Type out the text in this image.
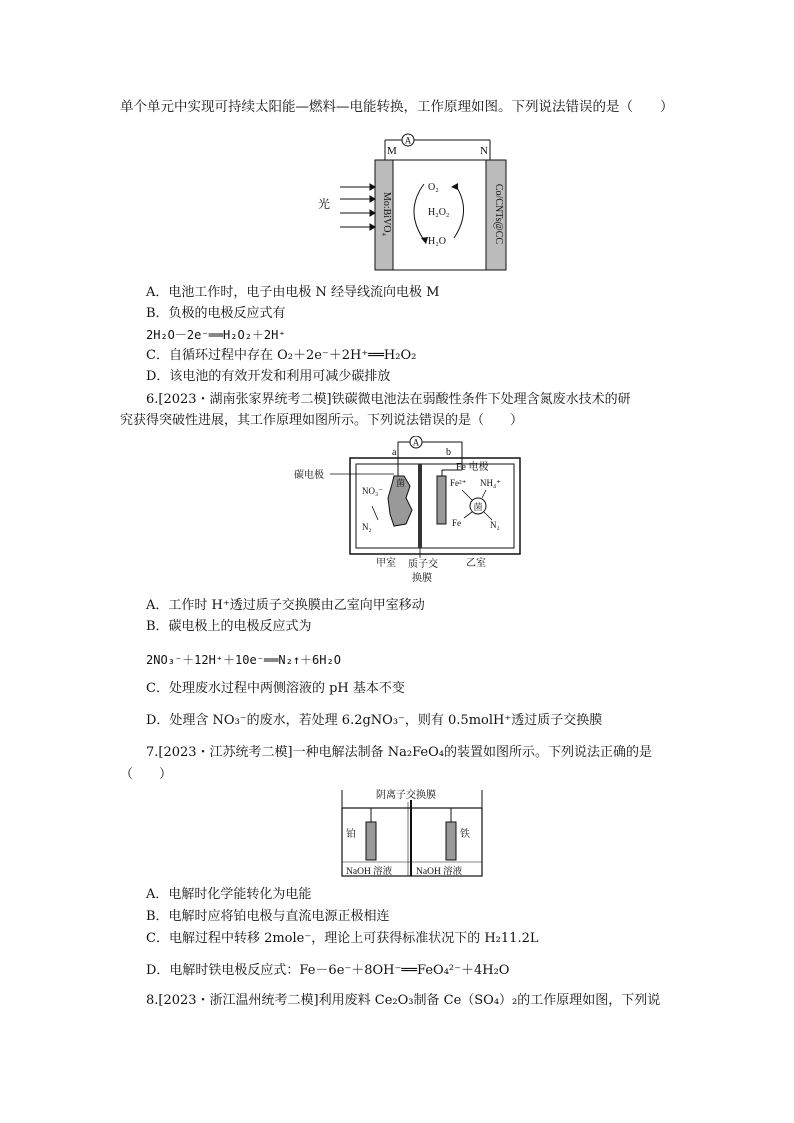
单个单元中实现可持续太阳能—燃料—电能转换，工作原理如图。下列说法错误的是（　　）
A
M	N
Mo:BiVO₄	Co/CNTs@CC
光
O₂
H₂O₂
H₂O
A．电池工作时，电子由电极 N 经导线流向电极 M
B．负极的电极反应式有
2H₂O－2e⁻══H₂O₂＋2H⁺
C．自循环过程中存在 O₂＋2e⁻＋2H⁺══H₂O₂
D．该电池的有效开发和利用可减少碳排放
6.[2023・湖南张家界统考二模]铁碳微电池法在弱酸性条件下处理含氮废水技术的研
究获得突破性进展，其工作原理如图所示。下列说法错误的是（　　）
A
a	b
碳电极
菌
Fe 电极
NO₃⁻
N₂
Fe²⁺ NH₄⁺
菌
Fe	N₂
甲室 质子交
换膜
乙室
A．工作时 H⁺透过质子交换膜由乙室向甲室移动
B．碳电极上的电极反应式为
2NO₃⁻＋12H⁺＋10e⁻══N₂↑＋6H₂O
C．处理废水过程中两侧溶液的 pH 基本不变
D．处理含 NO₃⁻的废水，若处理 6.2gNO₃⁻，则有 0.5molH⁺透过质子交换膜
7.[2023・江苏统考二模]一种电解法制备 Na₂FeO₄的装置如图所示。下列说法正确的是
（　　）
阴离子交换膜
铂	铁
NaOH 溶液	NaOH 溶液
A．电解时化学能转化为电能
B．电解时应将铂电极与直流电源正极相连
C．电解过程中转移 2mole⁻，理论上可获得标准状况下的 H₂11.2L
D．电解时铁电极反应式：Fe－6e⁻＋8OH⁻══FeO₄²⁻＋4H₂O
8.[2023・浙江温州统考二模]利用废料 Ce₂O₃制备 Ce（SO₄）₂的工作原理如图，下列说
